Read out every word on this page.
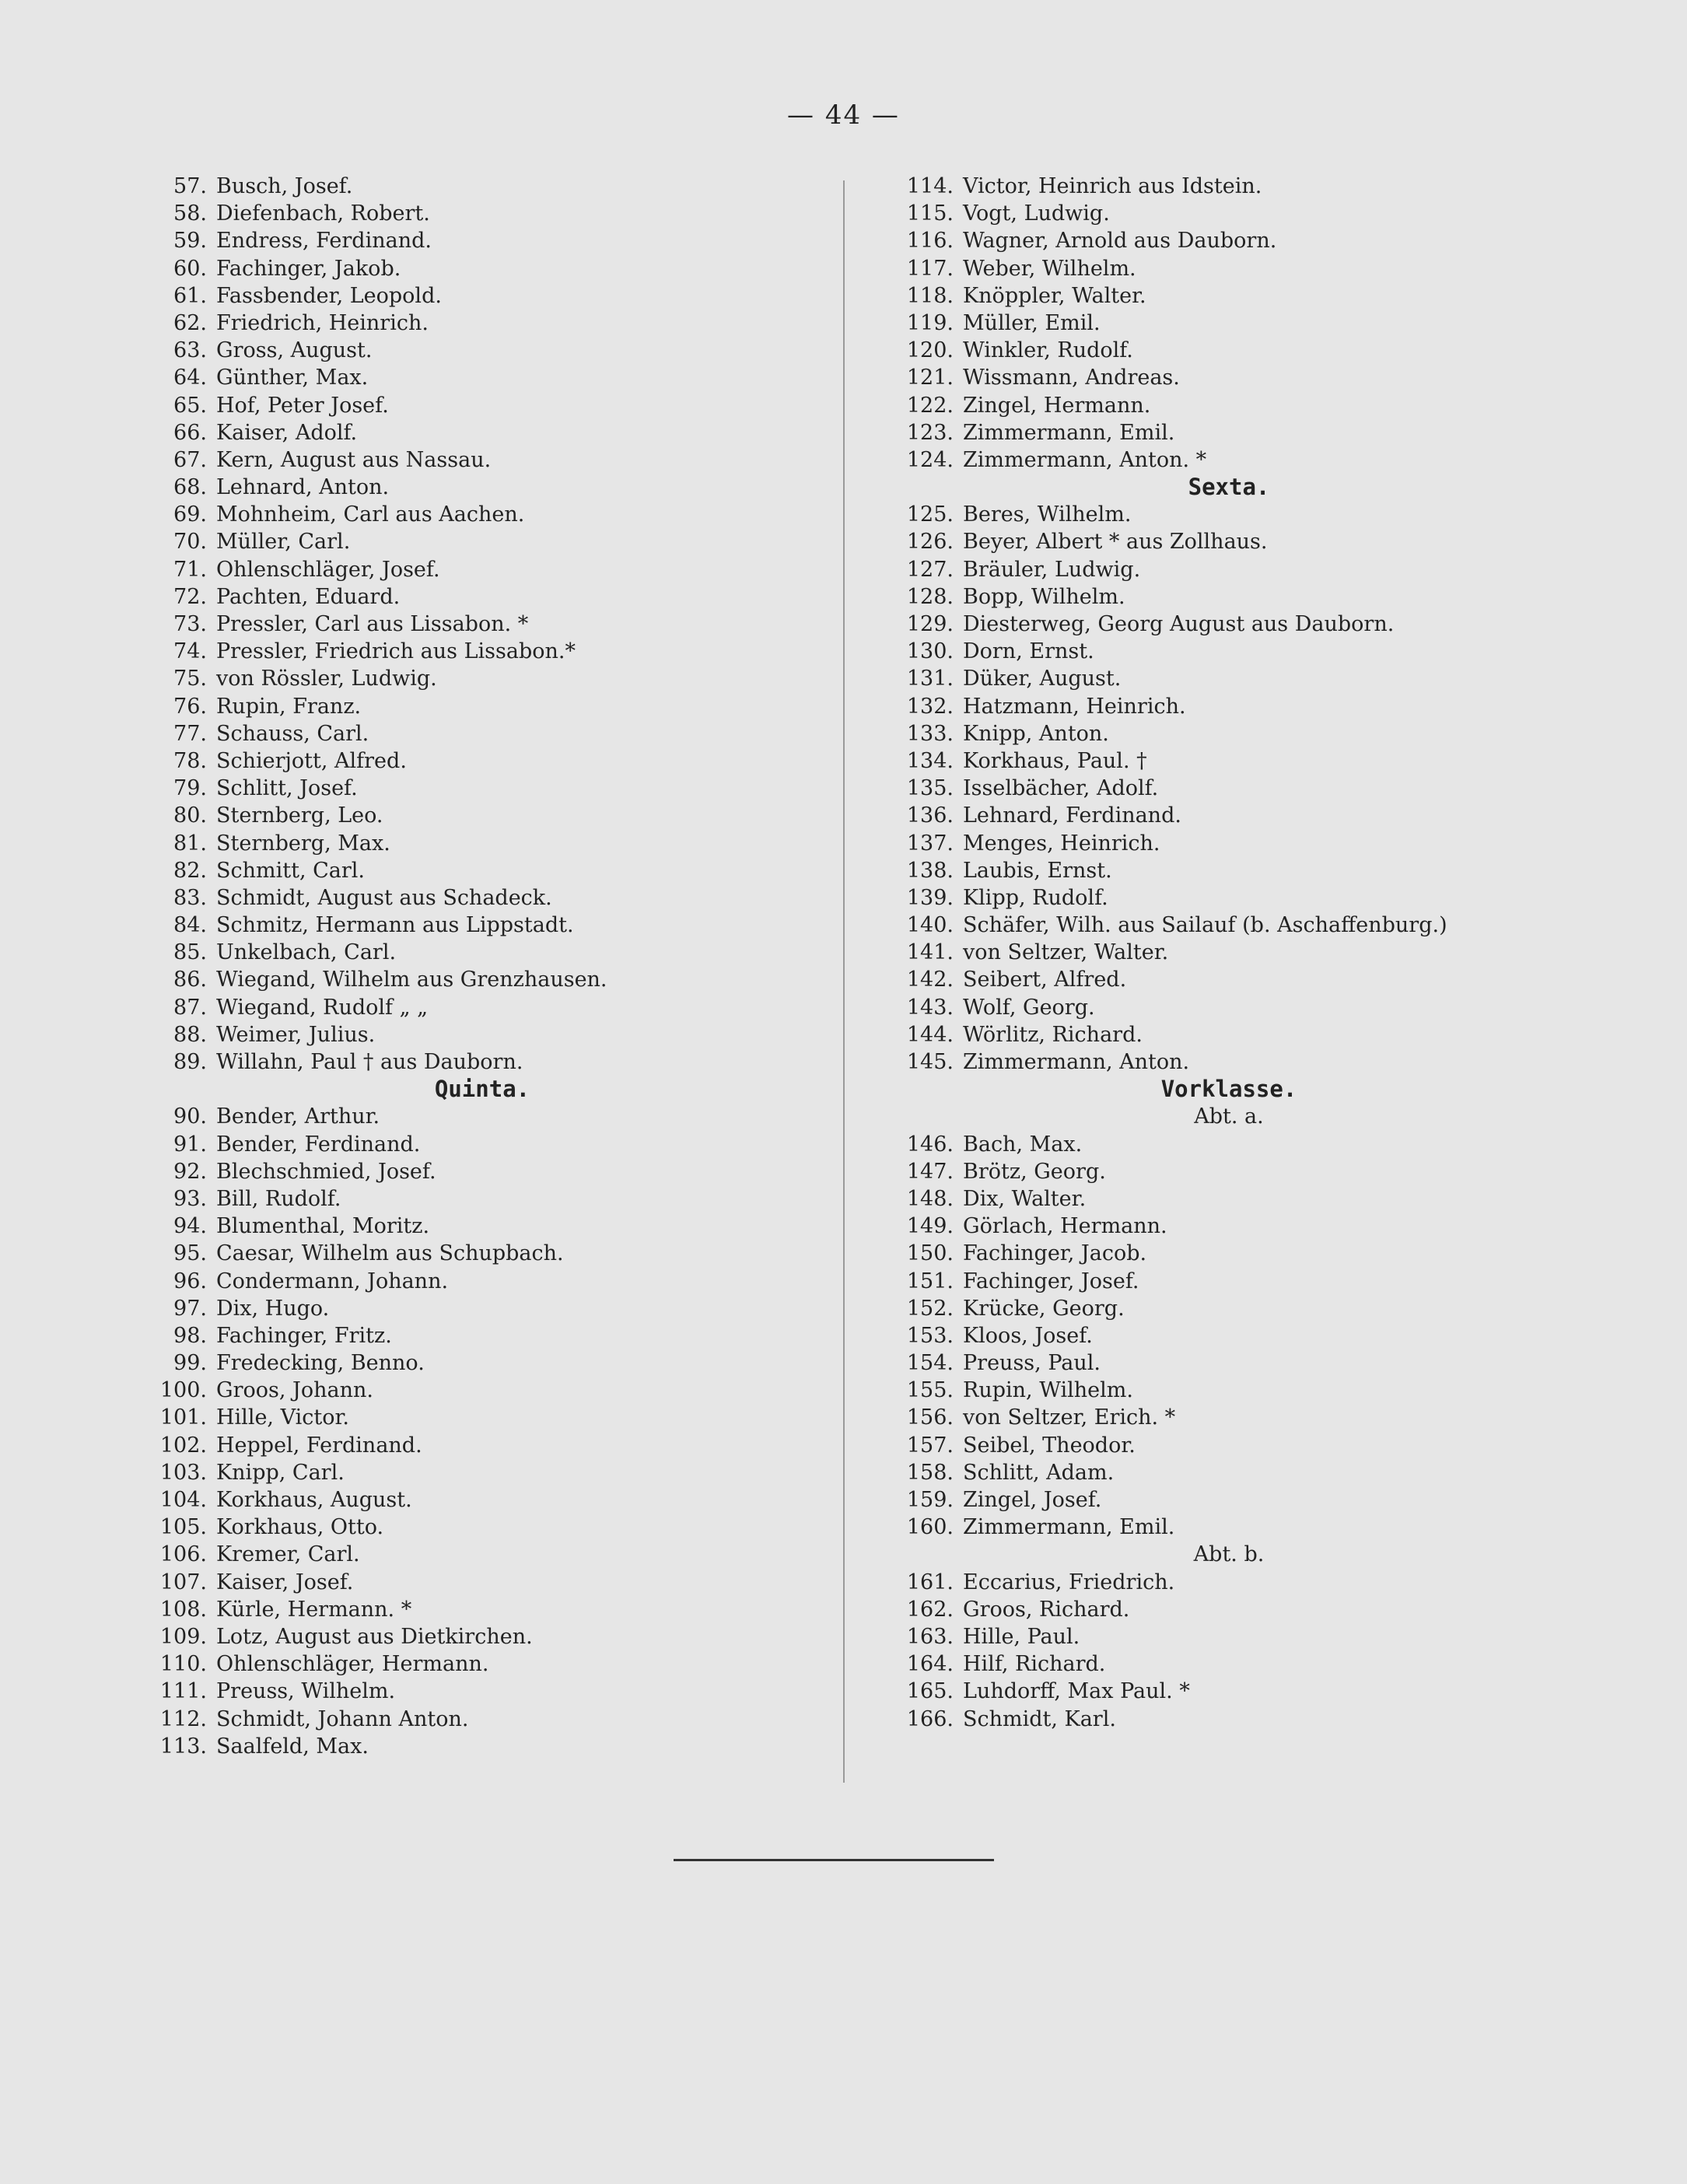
— 44 —
57. Busch, Josef.
58. Diefenbach, Robert.
59. Endress, Ferdinand.
60. Fachinger, Jakob.
61. Fassbender, Leopold.
62. Friedrich, Heinrich.
63. Gross, August.
64. Günther, Max.
65. Hof, Peter Josef.
66. Kaiser, Adolf.
67. Kern, August aus Nassau.
68. Lehnard, Anton.
69. Mohnheim, Carl aus Aachen.
70. Müller, Carl.
71. Ohlenschläger, Josef.
72. Pachten, Eduard.
73. Pressler, Carl aus Lissabon. *
74. Pressler, Friedrich aus Lissabon.*
75. von Rössler, Ludwig.
76. Rupin, Franz.
77. Schauss, Carl.
78. Schierjott, Alfred.
79. Schlitt, Josef.
80. Sternberg, Leo.
81. Sternberg, Max.
82. Schmitt, Carl.
83. Schmidt, August aus Schadeck.
84. Schmitz, Hermann aus Lippstadt.
85. Unkelbach, Carl.
86. Wiegand, Wilhelm aus Grenzhausen.
87. Wiegand, Rudolf „ „
88. Weimer, Julius.
89. Willahn, Paul † aus Dauborn.
Quinta.
90. Bender, Arthur.
91. Bender, Ferdinand.
92. Blechschmied, Josef.
93. Bill, Rudolf.
94. Blumenthal, Moritz.
95. Caesar, Wilhelm aus Schupbach.
96. Condermann, Johann.
97. Dix, Hugo.
98. Fachinger, Fritz.
99. Fredecking, Benno.
100. Groos, Johann.
101. Hille, Victor.
102. Heppel, Ferdinand.
103. Knipp, Carl.
104. Korkhaus, August.
105. Korkhaus, Otto.
106. Kremer, Carl.
107. Kaiser, Josef.
108. Kürle, Hermann. *
109. Lotz, August aus Dietkirchen.
110. Ohlenschläger, Hermann.
111. Preuss, Wilhelm.
112. Schmidt, Johann Anton.
113. Saalfeld, Max.
114. Victor, Heinrich aus Idstein.
115. Vogt, Ludwig.
116. Wagner, Arnold aus Dauborn.
117. Weber, Wilhelm.
118. Knöppler, Walter.
119. Müller, Emil.
120. Winkler, Rudolf.
121. Wissmann, Andreas.
122. Zingel, Hermann.
123. Zimmermann, Emil.
124. Zimmermann, Anton. *
Sexta.
125. Beres, Wilhelm.
126. Beyer, Albert * aus Zollhaus.
127. Bräuler, Ludwig.
128. Bopp, Wilhelm.
129. Diesterweg, Georg August aus Dauborn.
130. Dorn, Ernst.
131. Düker, August.
132. Hatzmann, Heinrich.
133. Knipp, Anton.
134. Korkhaus, Paul. †
135. Isselbächer, Adolf.
136. Lehnard, Ferdinand.
137. Menges, Heinrich.
138. Laubis, Ernst.
139. Klipp, Rudolf.
140. Schäfer, Wilh. aus Sailauf (b. Aschaffenburg.)
141. von Seltzer, Walter.
142. Seibert, Alfred.
143. Wolf, Georg.
144. Wörlitz, Richard.
145. Zimmermann, Anton.
Vorklasse.
Abt. a.
146. Bach, Max.
147. Brötz, Georg.
148. Dix, Walter.
149. Görlach, Hermann.
150. Fachinger, Jacob.
151. Fachinger, Josef.
152. Krücke, Georg.
153. Kloos, Josef.
154. Preuss, Paul.
155. Rupin, Wilhelm.
156. von Seltzer, Erich. *
157. Seibel, Theodor.
158. Schlitt, Adam.
159. Zingel, Josef.
160. Zimmermann, Emil.
Abt. b.
161. Eccarius, Friedrich.
162. Groos, Richard.
163. Hille, Paul.
164. Hilf, Richard.
165. Luhdorff, Max Paul. *
166. Schmidt, Karl.
